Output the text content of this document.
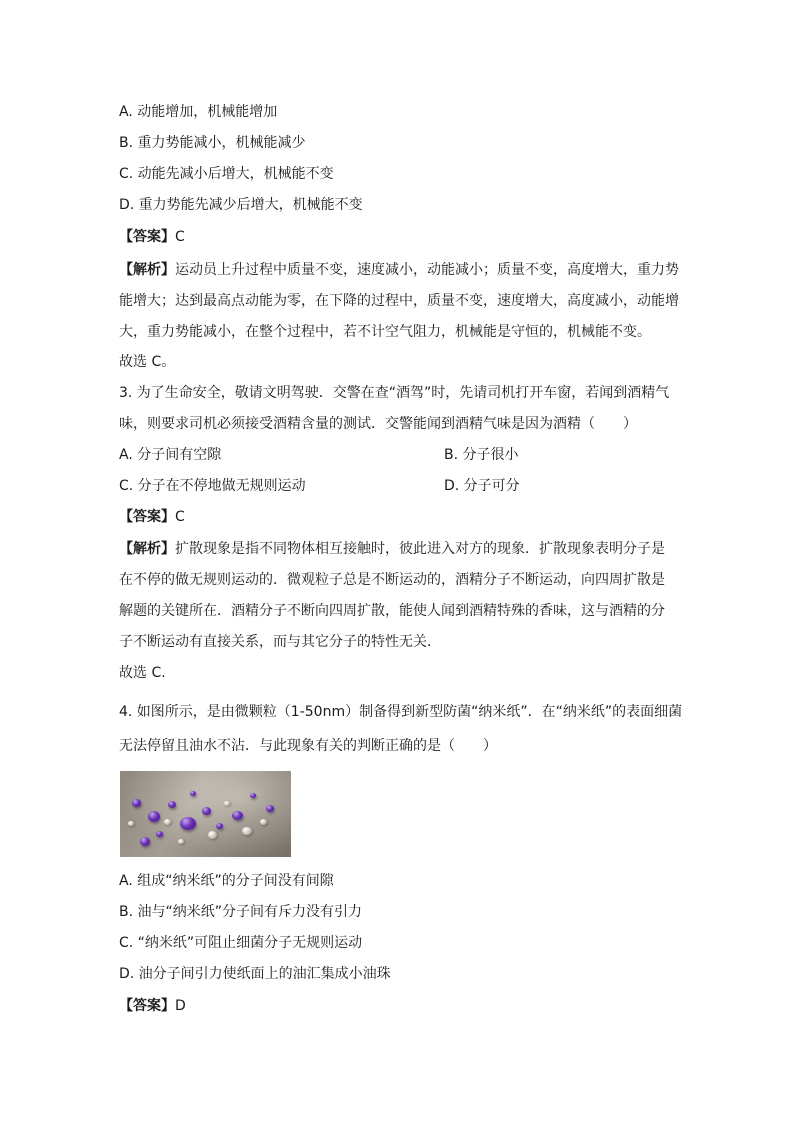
A. 动能增加，机械能增加
B. 重力势能减小，机械能减少
C. 动能先减小后增大，机械能不变
D. 重力势能先减少后增大，机械能不变
【答案】C
【解析】运动员上升过程中质量不变，速度减小，动能减小；质量不变，高度增大，重力势
能增大；达到最高点动能为零，在下降的过程中，质量不变，速度增大，高度减小，动能增
大，重力势能减小，在整个过程中，若不计空气阻力，机械能是守恒的，机械能不变。
故选 C。
3. 为了生命安全，敬请文明驾驶．交警在查“酒驾”时，先请司机打开车窗，若闻到酒精气
味，则要求司机必须接受酒精含量的测试．交警能闻到酒精气味是因为酒精（　　）
A. 分子间有空隙	B. 分子很小
C. 分子在不停地做无规则运动	D. 分子可分
【答案】C
【解析】扩散现象是指不同物体相互接触时，彼此进入对方的现象．扩散现象表明分子是
在不停的做无规则运动的．微观粒子总是不断运动的，酒精分子不断运动，向四周扩散是
解题的关键所在．酒精分子不断向四周扩散，能使人闻到酒精特殊的香味，这与酒精的分
子不断运动有直接关系，而与其它分子的特性无关．
故选 C.
4. 如图所示，是由微颗粒（1-50nm）制备得到新型防菌“纳米纸”．在“纳米纸”的表面细菌
无法停留且油水不沾．与此现象有关的判断正确的是（　　）
A. 组成“纳米纸”的分子间没有间隙
B. 油与“纳米纸”分子间有斥力没有引力
C. “纳米纸”可阻止细菌分子无规则运动
D. 油分子间引力使纸面上的油汇集成小油珠
【答案】D
